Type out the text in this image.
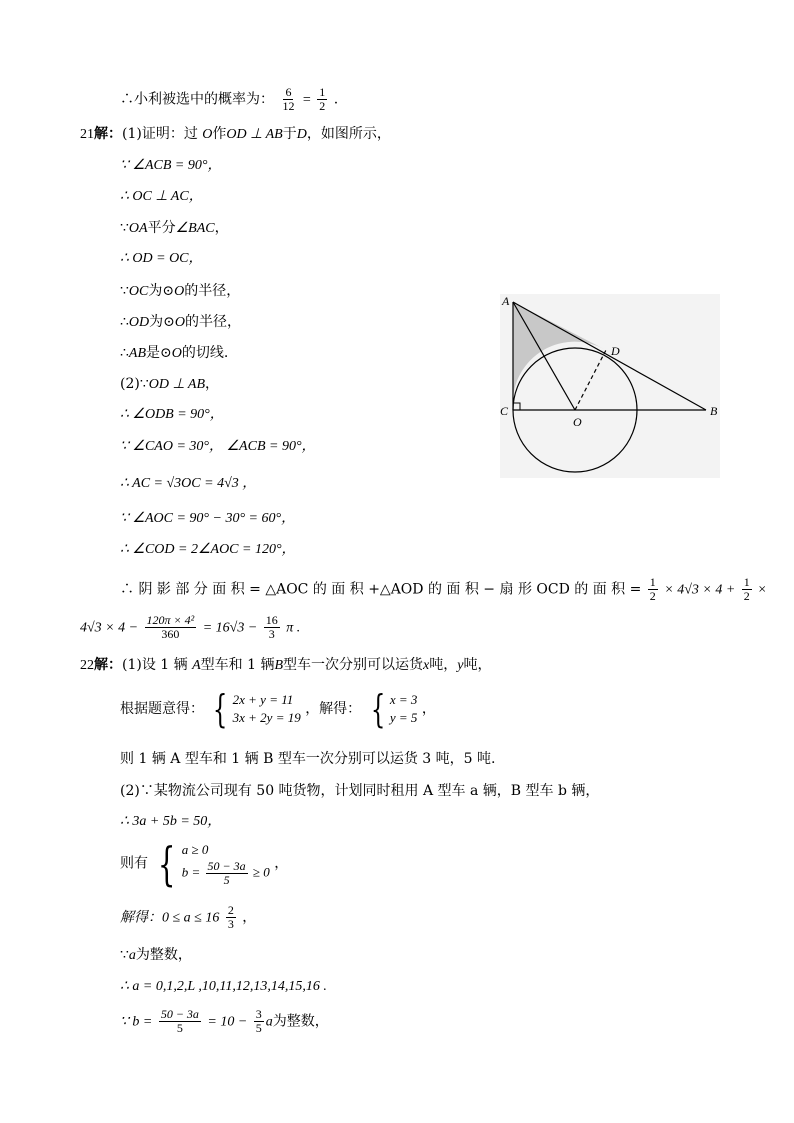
∴小利被选中的概率为： $\frac{6}{12} = \frac{1}{2}$ .
21解：(1)证明：过 O作OD ⊥ AB于D，如图所示，
∵ ∠ACB = 90°，
∴ OC ⊥ AC，
∵OA平分∠BAC，
∴ OD = OC，
∵OC为⊙O的半径，
∴OD为⊙O的半径，
∴AB是⊙O的切线.
(2)∵OD ⊥ AB，
∴ ∠ODB = 90°，
∵ ∠CAO = 30°， ∠ACB = 90°，
∴ AC = √3OC = 4√3 ，
∵ ∠AOC = 90° − 30° = 60°，
∴ ∠COD = 2∠AOC = 120°，
∴ 阴 影 部 分 面 积 = △AOC 的 面 积 +△AOD 的 面 积 − 扇 形 OCD 的 面 积 = $\frac{1}{2} \times 4√3 \times 4 + \frac{1}{2}$ ×
$4√3 \times 4 - \frac{\text{120π × 4²}}{360} = 16√3 - \frac{16}{3}$ π .
22解：(1)设 1 辆 A型车和 1 辆B型车一次分别可以运货x吨，y吨，
根据题意得： { 2x + y = 11
3x + 2y = 19
，解得： { x = 3
y = 5
，
则 1 辆 A 型车和 1 辆 B 型车一次分别可以运货 3 吨，5 吨.
(2)∵某物流公司现有 50 吨货物，计划同时租用 A 型车 a 辆，B 型车 b 辆，
∴ 3a + 5b = 50，
则有 { a ≥ 0
$b = \frac{50 - 3a}{5} \ge 0$
，
解得：$0 \le a \le 16 \frac{2}{3}$ ，
∵a为整数，
∴ a = 0,1,2,L ,10,11,12,13,14,15,16 .
∵ $b = \frac{50 - 3a}{5} = 10 - \frac{3}{5}$ a为整数，
A
D
C
O
B
